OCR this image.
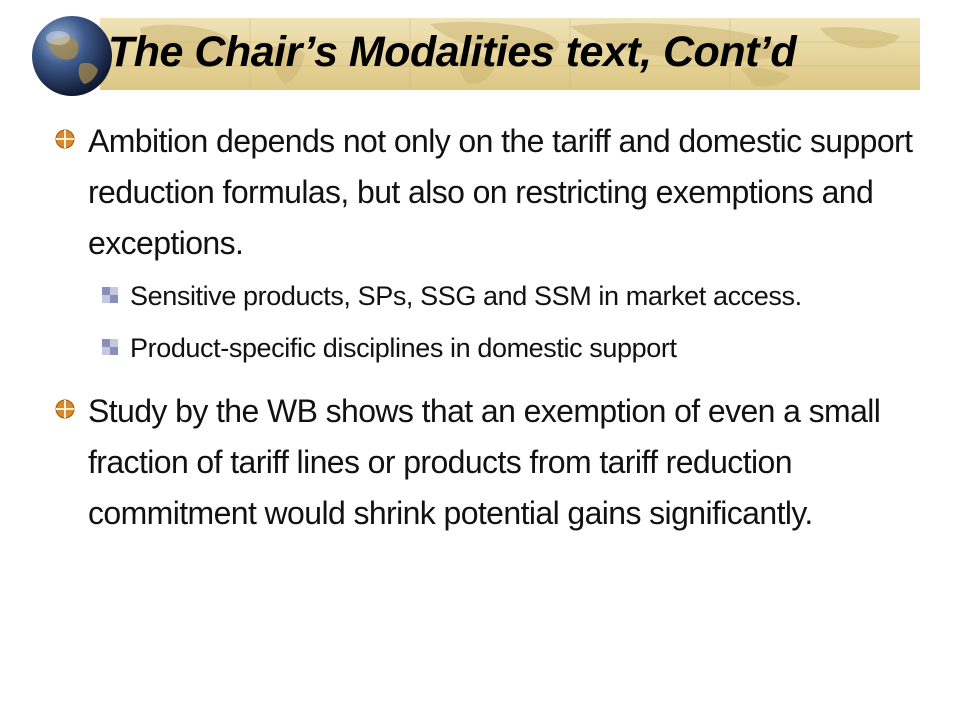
The Chair’s Modalities text, Cont’d
Ambition depends not only on the tariff and domestic support reduction formulas, but also on restricting exemptions and exceptions.
Sensitive products, SPs, SSG and SSM in market access.
Product-specific disciplines in domestic support
Study by the WB shows that an exemption of even a small fraction of tariff lines or products from tariff reduction commitment would shrink potential gains significantly.
